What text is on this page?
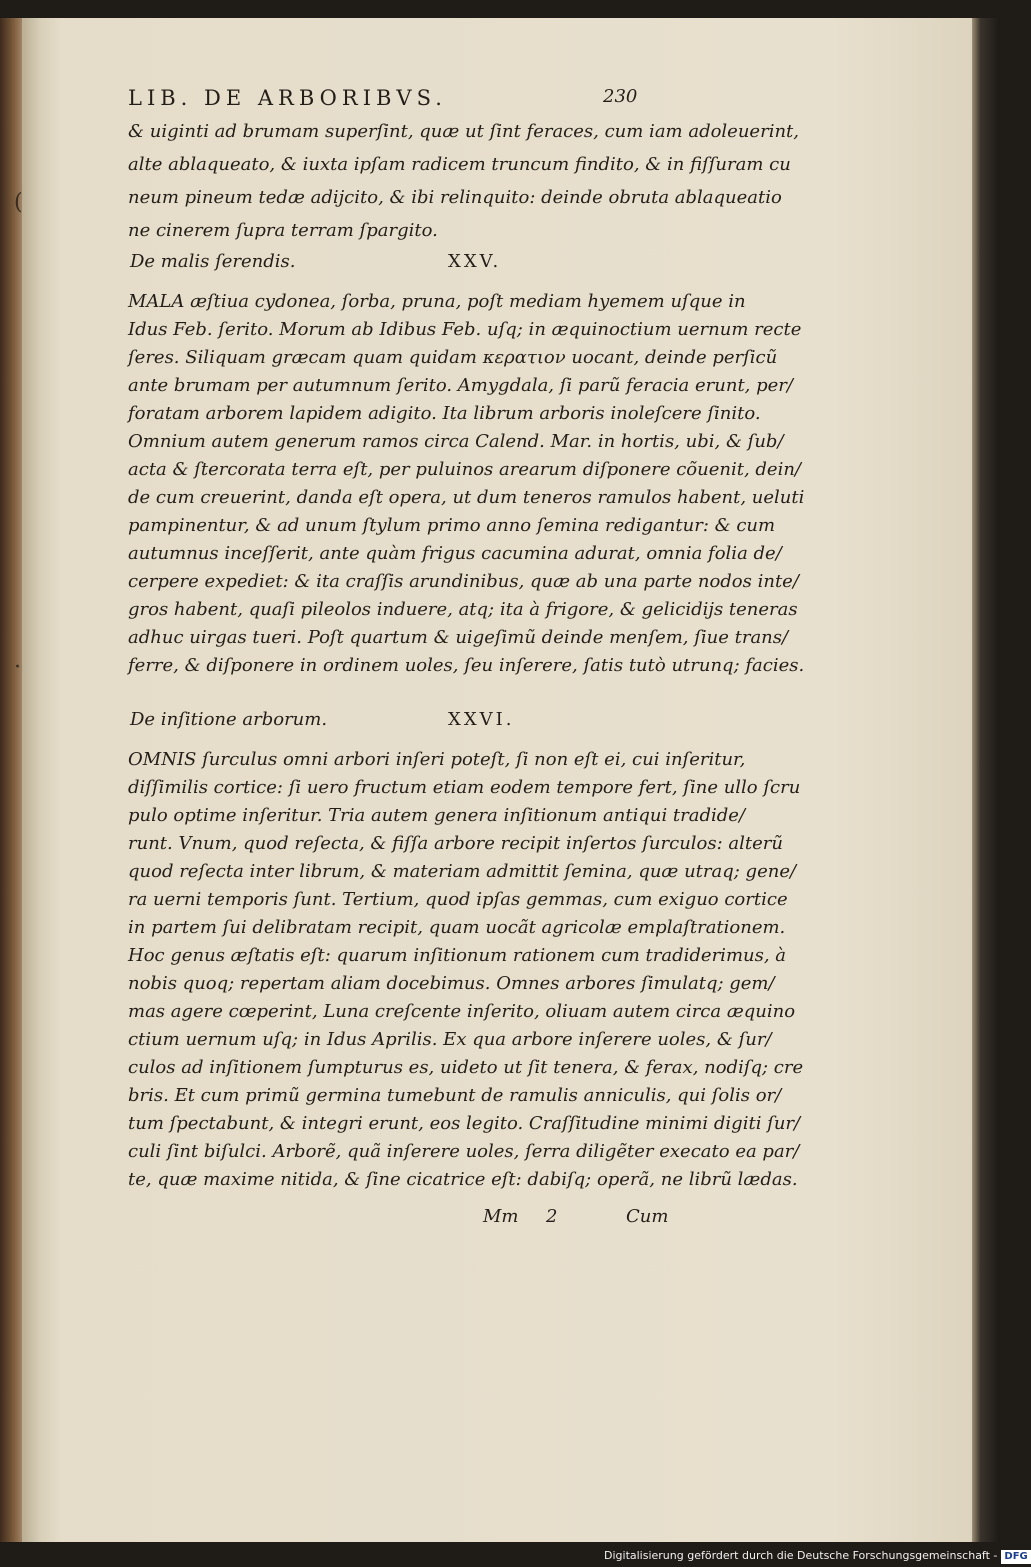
(
·
LIB. DE ARBORIBVS.	230
& uiginti ad brumam superſint, quæ ut ſint feraces, cum iam adoleuerint,
alte ablaqueato, & iuxta ipſam radicem truncum findito, & in fiſſuram cu
neum pineum tedæ adijcito, & ibi relinquito: deinde obruta ablaqueatio
ne cinerem ſupra terram ſpargito.
De malis ſerendis.	XXV.
MALA æſtiua cydonea, ſorba, pruna, poſt mediam hyemem uſque in
Idus Feb. ſerito. Morum ab Idibus Feb. uſq; in æquinoctium uernum recte
ſeres. Siliquam græcam quam quidam κερατιον uocant, deinde perſicũ
ante brumam per autumnum ſerito. Amygdala, ſi parũ feracia erunt, per/
foratam arborem lapidem adigito. Ita librum arboris inoleſcere ſinito.
Omnium autem generum ramos circa Calend. Mar. in hortis, ubi, & ſub/
acta & ſtercorata terra eſt, per puluinos arearum diſponere cõuenit, dein/
de cum creuerint, danda eſt opera, ut dum teneros ramulos habent, ueluti
pampinentur, & ad unum ſtylum primo anno ſemina redigantur: & cum
autumnus inceſſerit, ante quàm frigus cacumina adurat, omnia folia de/
cerpere expediet: & ita craſſis arundinibus, quæ ab una parte nodos inte/
gros habent, quaſi pileolos induere, atq; ita à frigore, & gelicidijs teneras
adhuc uirgas tueri. Poſt quartum & uigeſimũ deinde menſem, ſiue trans/
ferre, & diſponere in ordinem uoles, ſeu inſerere, ſatis tutò utrunq; facies.
De inſitione arborum.	XXVI.
OMNIS ſurculus omni arbori inſeri poteſt, ſi non eſt ei, cui inſeritur,
diſſimilis cortice: ſi uero fructum etiam eodem tempore fert, ſine ullo ſcru
pulo optime inſeritur. Tria autem genera inſitionum antiqui tradide/
runt. Vnum, quod reſecta, & fiſſa arbore recipit inſertos ſurculos: alterũ
quod reſecta inter librum, & materiam admittit ſemina, quæ utraq; gene/
ra uerni temporis ſunt. Tertium, quod ipſas gemmas, cum exiguo cortice
in partem ſui delibratam recipit, quam uocãt agricolæ emplaſtrationem.
Hoc genus æſtatis eſt: quarum inſitionum rationem cum tradiderimus, à
nobis quoq; repertam aliam docebimus. Omnes arbores ſimulatq; gem/
mas agere cœperint, Luna creſcente inſerito, oliuam autem circa æquino
ctium uernum uſq; in Idus Aprilis. Ex qua arbore inſerere uoles, & ſur/
culos ad inſitionem ſumpturus es, uideto ut ſit tenera, & ferax, nodiſq; cre
bris. Et cum primũ germina tumebunt de ramulis anniculis, qui ſolis or/
tum ſpectabunt, & integri erunt, eos legito. Craſſitudine minimi digiti ſur/
culi ſint biſulci. Arborẽ, quã inſerere uoles, ſerra diligẽter execato ea par/
te, quæ maxime nitida, & ſine cicatrice eſt: dabiſq; operã, ne librũ lædas.
Mm 2	Cum
Digitalisierung gefördert durch die Deutsche Forschungsgemeinschaft - DFG
